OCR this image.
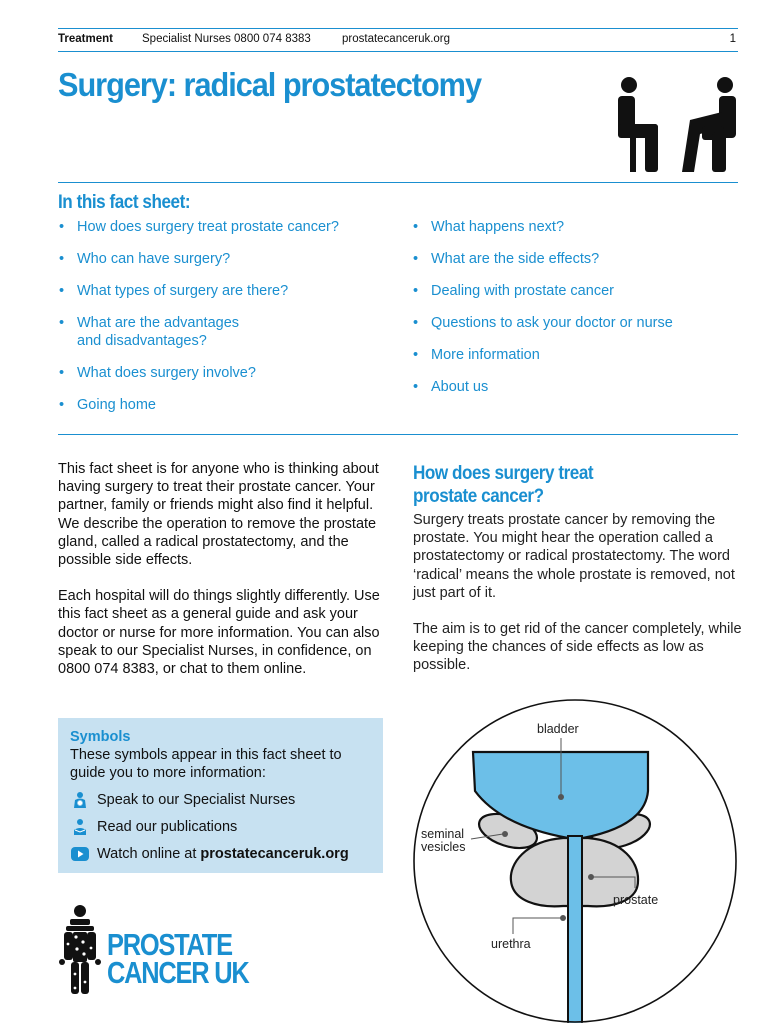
Treatment	Specialist Nurses 0800 074 8383	prostatecanceruk.org	1
Surgery: radical prostatectomy
In this fact sheet:
• How does surgery treat prostate cancer?
• Who can have surgery?
• What types of surgery are there?
• What are the advantages
and disadvantages?
• What does surgery involve?
• Going home
• What happens next?
• What are the side effects?
• Dealing with prostate cancer
• Questions to ask your doctor or nurse
• More information
• About us

This fact sheet is for anyone who is thinking about having surgery to treat their prostate cancer. Your partner, family or friends might also find it helpful. We describe the operation to remove the prostate gland, called a radical prostatectomy, and the possible side effects.

Each hospital will do things slightly differently. Use this fact sheet as a general guide and ask your doctor or nurse for more information. You can also speak to our Specialist Nurses, in confidence, on 0800 074 8383, or chat to them online.

Symbols
These symbols appear in this fact sheet to guide you to more information:
Speak to our Specialist Nurses
Read our publications
Watch online at prostatecanceruk.org
PROSTATE
CANCER UK
How does surgery treat
prostate cancer?

Surgery treats prostate cancer by removing the prostate. You might hear the operation called a prostatectomy or radical prostatectomy. The word ‘radical’ means the whole prostate is removed, not just part of it.

The aim is to get rid of the cancer completely, while keeping the chances of side effects as low as possible.

bladder
seminal
vesicles
prostate
urethra
